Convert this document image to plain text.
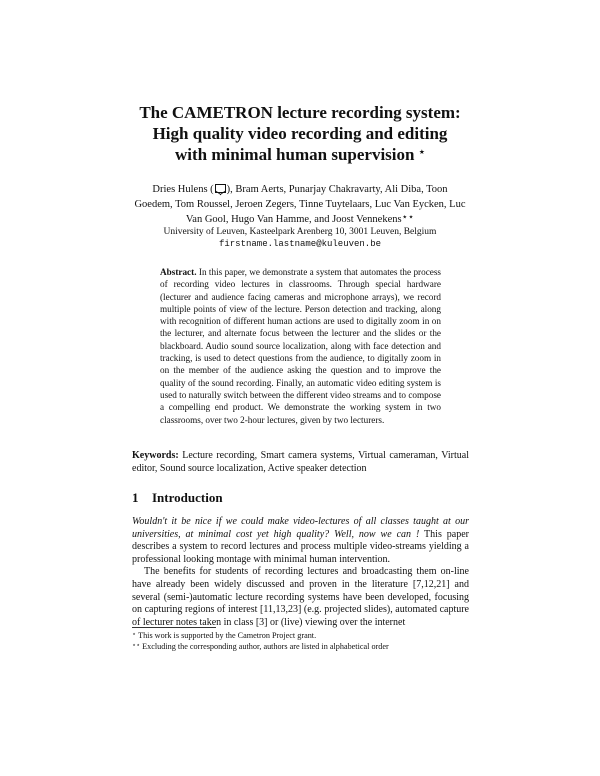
The CAMETRON lecture recording system:
High quality video recording and editing
with minimal human supervision ⋆
Dries Hulens ( ), Bram Aerts, Punarjay Chakravarty, Ali Diba, Toon
Goedem, Tom Roussel, Jeroen Zegers, Tinne Tuytelaars, Luc Van Eycken, Luc
Van Gool, Hugo Van Hamme, and Joost Vennekens⋆⋆
University of Leuven, Kasteelpark Arenberg 10, 3001 Leuven, Belgium
firstname.lastname@kuleuven.be
Abstract. In this paper, we demonstrate a system that automates the process of recording video lectures in classrooms. Through special hardware (lecturer and audience facing cameras and microphone arrays), we record multiple points of view of the lecture. Person detection and tracking, along with recognition of different human actions are used to digitally zoom in on the lecturer, and alternate focus between the lecturer and the slides or the blackboard. Audio sound source localization, along with face detection and tracking, is used to detect questions from the audience, to digitally zoom in on the member of the audience asking the question and to improve the quality of the sound recording. Finally, an automatic video editing system is used to naturally switch between the different video streams and to compose a compelling end product. We demonstrate the working system in two classrooms, over two 2-hour lectures, given by two lecturers.
Keywords: Lecture recording, Smart camera systems, Virtual cameraman, Virtual editor, Sound source localization, Active speaker detection
1 Introduction

Wouldn't it be nice if we could make video-lectures of all classes taught at our universities, at minimal cost yet high quality? Well, now we can ! This paper describes a system to record lectures and process multiple video-streams yielding a professional looking montage with minimal human intervention.

The benefits for students of recording lectures and broadcasting them on-line have already been widely discussed and proven in the literature [7,12,21] and several (semi-)automatic lecture recording systems have been developed, focusing on capturing regions of interest [11,13,23] (e.g. projected slides), automated capture of lecturer notes taken in class [3] or (live) viewing over the internet

⋆ This work is supported by the Cametron Project grant.
⋆⋆ Excluding the corresponding author, authors are listed in alphabetical order
